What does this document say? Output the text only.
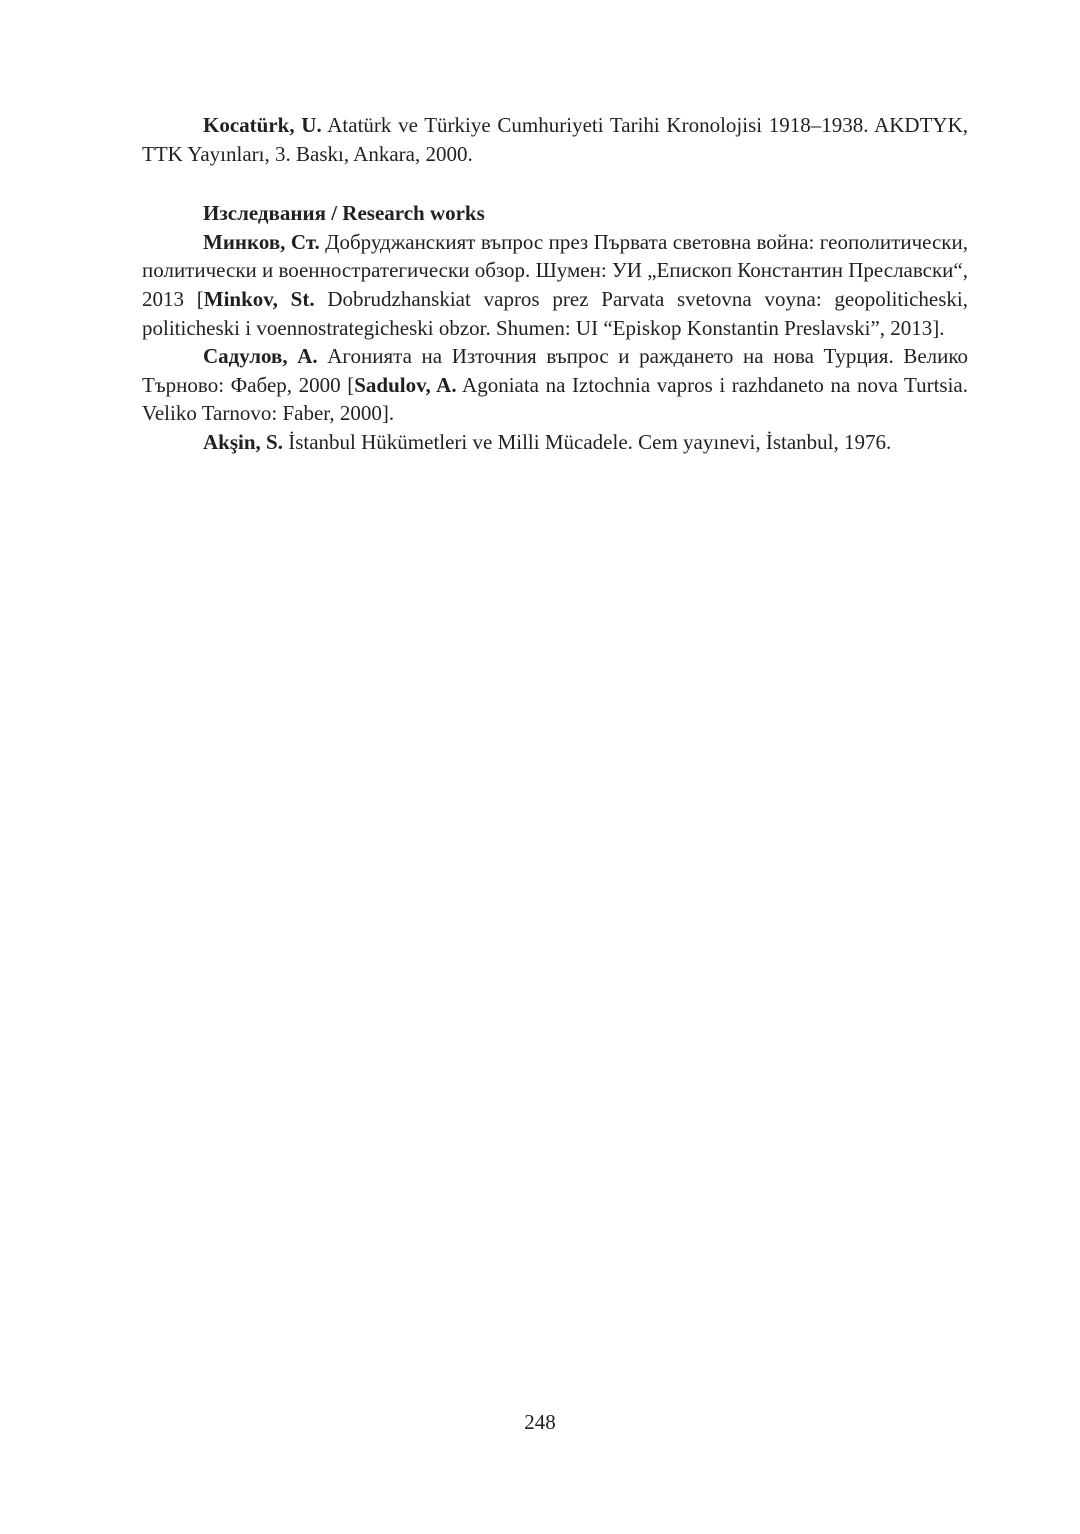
Kocatürk, U. Atatürk ve Türkiye Cumhuriyeti Tarihi Kronolojisi 1918–1938. AKDTYK, TTK Yayınları, 3. Baskı, Ankara, 2000.

Изследвания / Research works

Минков, Ст. Добруджанският въпрос през Първата световна война: геополитически, политически и военностратегически обзор. Шумен: УИ „Епископ Константин Преславски“, 2013 [Minkov, St. Dobrudzhanskiat vapros prez Parvata svetovna voyna: geopoliticheski, politicheski i voennostrategicheski obzor. Shumen: UI “Episkop Konstantin Preslavski”, 2013].

Садулов, А. Агонията на Източния въпрос и раждането на нова Турция. Велико Търново: Фабер, 2000 [Sadulov, A. Agoniata na Iztochnia vapros i razhdaneto na nova Turtsia. Veliko Tarnovo: Faber, 2000].

Akşin, S. İstanbul Hükümetleri ve Milli Mücadele. Cem yayınevi, İstanbul, 1976.

248
